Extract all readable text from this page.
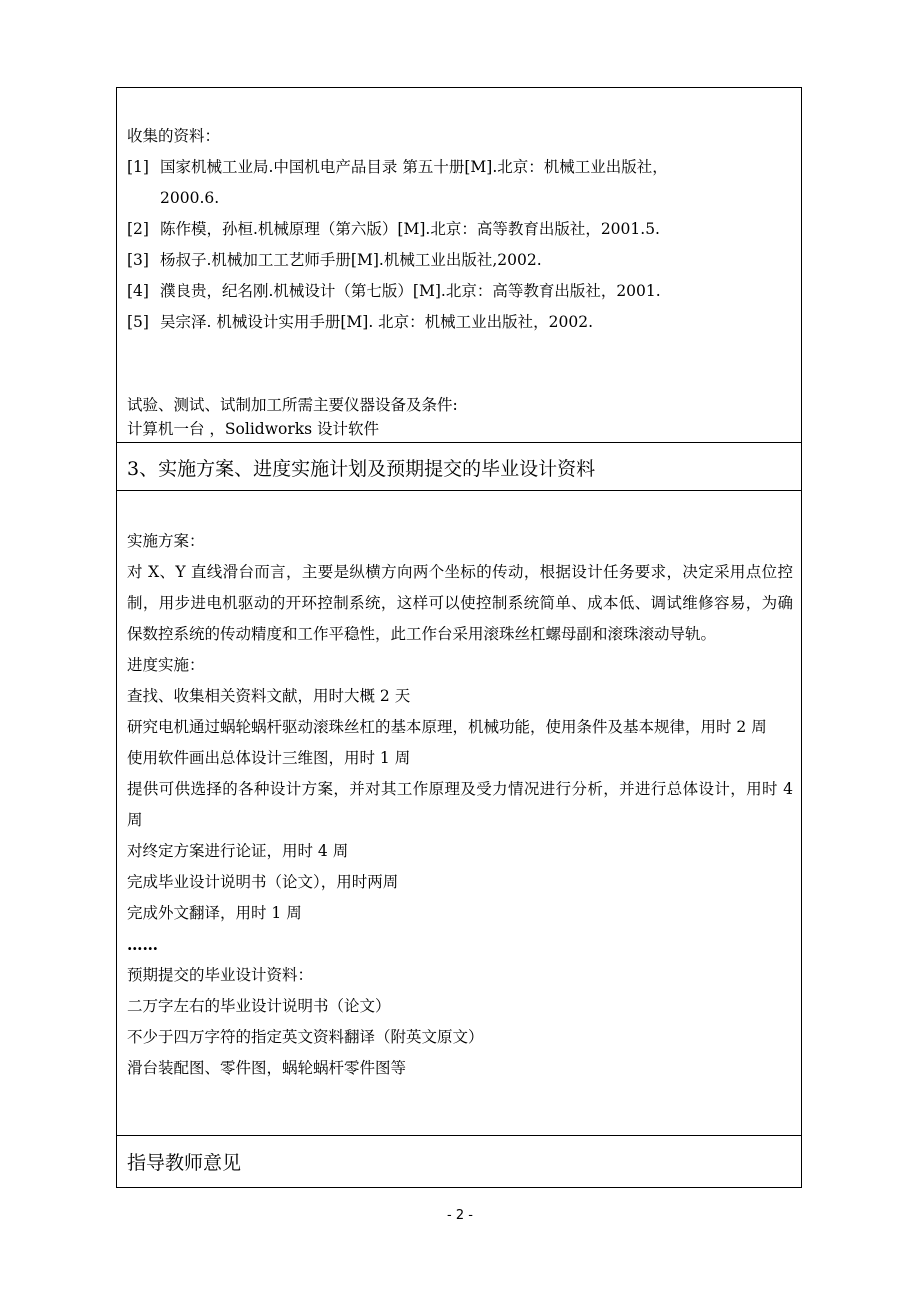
收集的资料：
[1] 国家机械工业局.中国机电产品目录 第五十册[M].北京：机械工业出版社，
2000.6.
[2] 陈作模，孙桓.机械原理（第六版）[M].北京：高等教育出版社，2001.5.
[3] 杨叔子.机械加工工艺师手册[M].机械工业出版社,2002.
[4] 濮良贵，纪名刚.机械设计（第七版）[M].北京：高等教育出版社，2001.
[5] 吴宗泽. 机械设计实用手册[M]. 北京：机械工业出版社，2002.
试验、测试、试制加工所需主要仪器设备及条件:
计算机一台 ，Solidworks 设计软件
3、实施方案、进度实施计划及预期提交的毕业设计资料
实施方案：
对 X、Y 直线滑台而言，主要是纵横方向两个坐标的传动，根据设计任务要求，决定采用点位控制，用步进电机驱动的开环控制系统，这样可以使控制系统简单、成本低、调试维修容易，为确保数控系统的传动精度和工作平稳性，此工作台采用滚珠丝杠螺母副和滚珠滚动导轨。
进度实施：
查找、收集相关资料文献，用时大概 2 天
研究电机通过蜗轮蜗杆驱动滚珠丝杠的基本原理，机械功能，使用条件及基本规律，用时 2 周
使用软件画出总体设计三维图，用时 1 周
提供可供选择的各种设计方案，并对其工作原理及受力情况进行分析，并进行总体设计，用时 4 周
对终定方案进行论证，用时 4 周
完成毕业设计说明书（论文），用时两周
完成外文翻译，用时 1 周
……
预期提交的毕业设计资料：
二万字左右的毕业设计说明书（论文）
不少于四万字符的指定英文资料翻译（附英文原文）
滑台装配图、零件图，蜗轮蜗杆零件图等
指导教师意见
- 2 -
